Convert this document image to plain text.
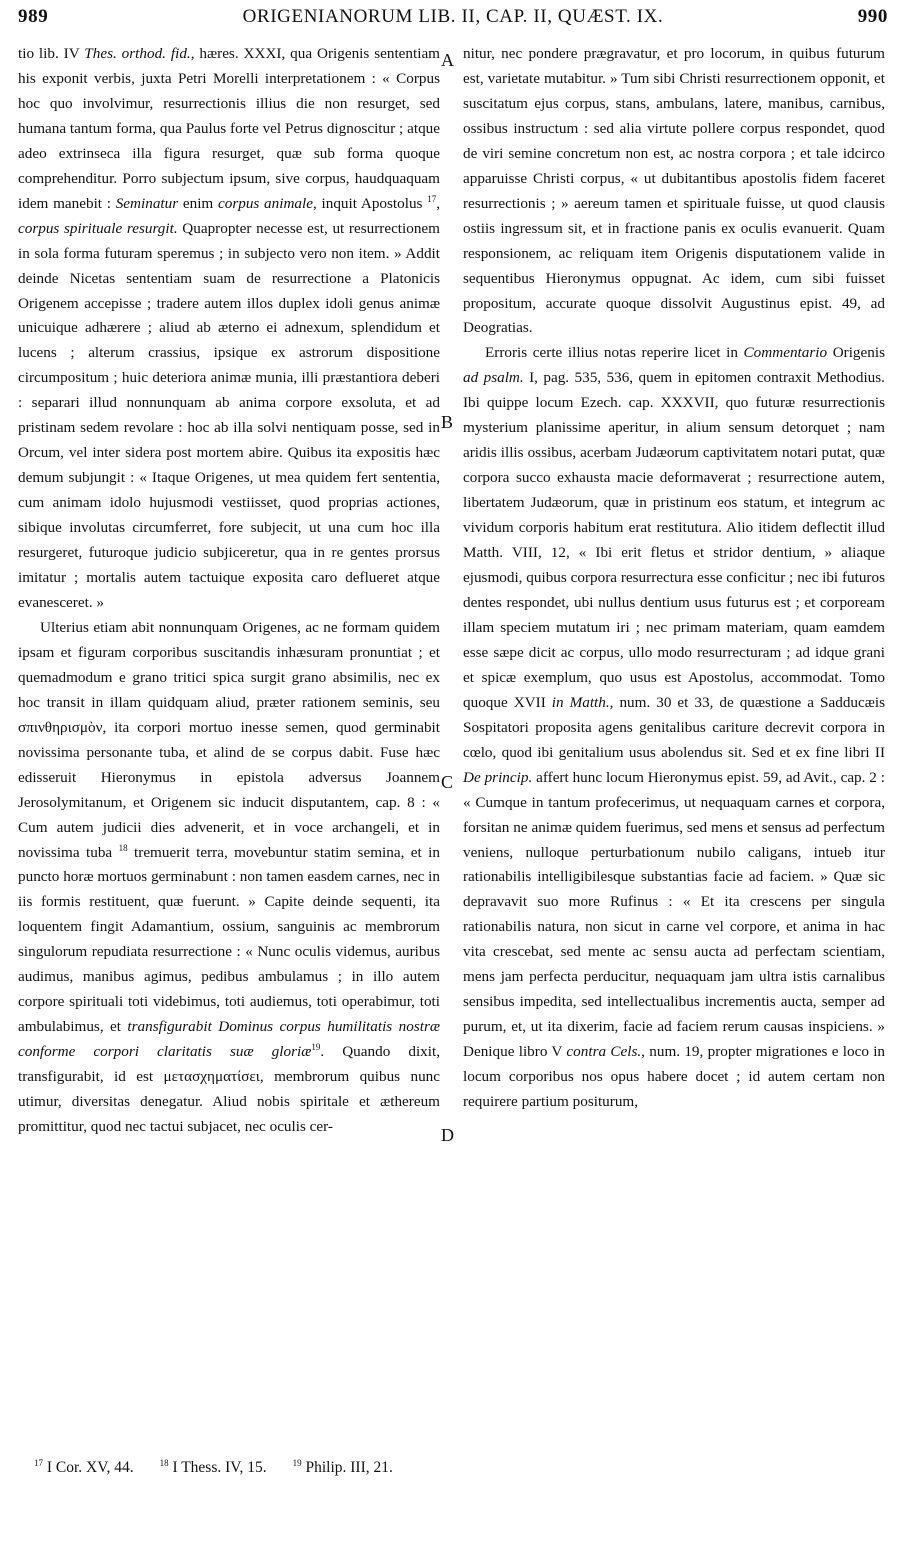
989	ORIGENIANORUM LIB. II, CAP. II, QUÆST. IX.	990

tio lib. IV Thes. orthod. fid., hæres. XXXI, qua Origenis sententiam his exponit verbis, juxta Petri Morelli interpretationem : « Corpus hoc quo involvimur, resurrectionis illius die non resurget, sed humana tantum forma, qua Paulus forte vel Petrus dignoscitur ; atque adeo extrinseca illa figura resurget, quæ sub forma quoque comprehenditur. Porro subjectum ipsum, sive corpus, haudquaquam idem manebit : Seminatur enim corpus animale, inquit Apostolus $^{17}$, corpus spirituale resurgit. Quapropter necesse est, ut resurrectionem in sola forma futuram speremus ; in subjecto vero non item. » Addit deinde Nicetas sententiam suam de resurrectione a Platonicis Origenem accepisse ; tradere autem illos duplex idoli genus animæ unicuique adhærere ; aliud ab æterno ei adnexum, splendidum et lucens ; alterum crassius, ipsique ex astrorum dispositione circumpositum ; huic deteriora animæ munia, illi præstantiora deberi : separari illud nonnunquam ab anima corpore exsoluta, et ad pristinam sedem revolare : hoc ab illa solvi nentiquam posse, sed in Orcum, vel inter sidera post mortem abire. Quibus ita expositis hæc demum subjungit : « Itaque Origenes, ut mea quidem fert sententia, cum animam idolo hujusmodi vestiisset, quod proprias actiones, sibique involutas circumferret, fore subjecit, ut una cum hoc illa resurgeret, futuroque judicio subjiceretur, qua in re gentes prorsus imitatur ; mortalis autem tactuique exposita caro deflueret atque evanesceret. »

Ulterius etiam abit nonnunquam Origenes, ac ne formam quidem ipsam et figuram corporibus suscitandis inhæsuram pronuntiat ; et quemadmodum e grano tritici spica surgit grano absimilis, nec ex hoc transit in illam quidquam aliud, præter rationem seminis, seu σπινθηρισμὸν, ita corpori mortuo inesse semen, quod germinabit novissima personante tuba, et alind de se corpus dabit. Fuse hæc edisseruit Hieronymus in epistola adversus Joannem Jerosolymitanum, et Origenem sic inducit disputantem, cap. 8 : « Cum autem judicii dies advenerit, et in voce archangeli, et in novissima tuba $^{18}$ tremuerit terra, movebuntur statim semina, et in puncto horæ mortuos germinabunt : non tamen easdem carnes, nec in iis formis restituent, quæ fuerunt. » Capite deinde sequenti, ita loquentem fingit Adamantium, ossium, sanguinis ac membrorum singulorum repudiata resurrectione : « Nunc oculis videmus, auribus audimus, manibus agimus, pedibus ambulamus ; in illo autem corpore spirituali toti videbimus, toti audiemus, toti operabimur, toti ambulabimus, et transfigurabit Dominus corpus humilitatis nostræ conforme corpori claritatis suæ gloriæ$^{19}$. Quando dixit, transfigurabit, id est μετασχηματίσει, membrorum quibus nunc utimur, diversitas denegatur. Aliud nobis spiritale et æthereum promittitur, quod nec tactui subjacet, nec oculis cer-

nitur, nec pondere prægravatur, et pro locorum, in quibus futurum est, varietate mutabitur. » Tum sibi Christi resurrectionem opponit, et suscitatum ejus corpus, stans, ambulans, latere, manibus, carnibus, ossibus instructum : sed alia virtute pollere corpus respondet, quod de viri semine concretum non est, ac nostra corpora ; et tale idcirco apparuisse Christi corpus, « ut dubitantibus apostolis fidem faceret resurrectionis ; » aereum tamen et spirituale fuisse, ut quod clausis ostiis ingressum sit, et in fractione panis ex oculis evanuerit. Quam responsionem, ac reliquam item Origenis disputationem valide in sequentibus Hieronymus oppugnat. Ac idem, cum sibi fuisset propositum, accurate quoque dissolvit Augustinus epist. 49, ad Deogratias.

Erroris certe illius notas reperire licet in Commentario Origenis ad psalm. I, pag. 535, 536, quem in epitomen contraxit Methodius. Ibi quippe locum Ezech. cap. XXXVII, quo futuræ resurrectionis mysterium planissime aperitur, in alium sensum detorquet ; nam aridis illis ossibus, acerbam Judæorum captivitatem notari putat, quæ corpora succo exhausta macie deformaverat ; resurrectione autem, libertatem Judæorum, quæ in pristinum eos statum, et integrum ac vividum corporis habitum erat restitutura. Alio itidem deflectit illud Matth. VIII, 12, « Ibi erit fletus et stridor dentium, » aliaque ejusmodi, quibus corpora resurrectura esse conficitur ; nec ibi futuros dentes respondet, ubi nullus dentium usus futurus est ; et corpoream illam speciem mutatum iri ; nec primam materiam, quam eamdem esse sæpe dicit ac corpus, ullo modo resurrecturam ; ad idque grani et spicæ exemplum, quo usus est Apostolus, accommodat. Tomo quoque XVII in Matth., num. 30 et 33, de quæstione a Sadducæis Sospitatori proposita agens genitalibus cariture decrevit corpora in cœlo, quod ibi genitalium usus abolendus sit. Sed et ex fine libri II De princip. affert hunc locum Hieronymus epist. 59, ad Avit., cap. 2 : « Cumque in tantum profecerimus, ut nequaquam carnes et corpora, forsitan ne animæ quidem fuerimus, sed mens et sensus ad perfectum veniens, nulloque perturbationum nubilo caligans, intueb itur rationabilis intelligibilesque substantias facie ad faciem. » Quæ sic depravavit suo more Rufinus : « Et ita crescens per singula rationabilis natura, non sicut in carne vel corpore, et anima in hac vita crescebat, sed mente ac sensu aucta ad perfectam scientiam, mens jam perfecta perducitur, nequaquam jam ultra istis carnalibus sensibus impedita, sed intellectualibus incrementis aucta, semper ad purum, et, ut ita dixerim, facie ad faciem rerum causas inspiciens. » Denique libro V contra Cels., num. 19, propter migrationes e loco in locum corporibus nos opus habere docet ; id autem certam non requirere partium positurum,

A
B
C
D
$^{17}$ I Cor. XV, 44.	$^{18}$ I Thess. IV, 15.	$^{19}$ Philip. III, 21.
